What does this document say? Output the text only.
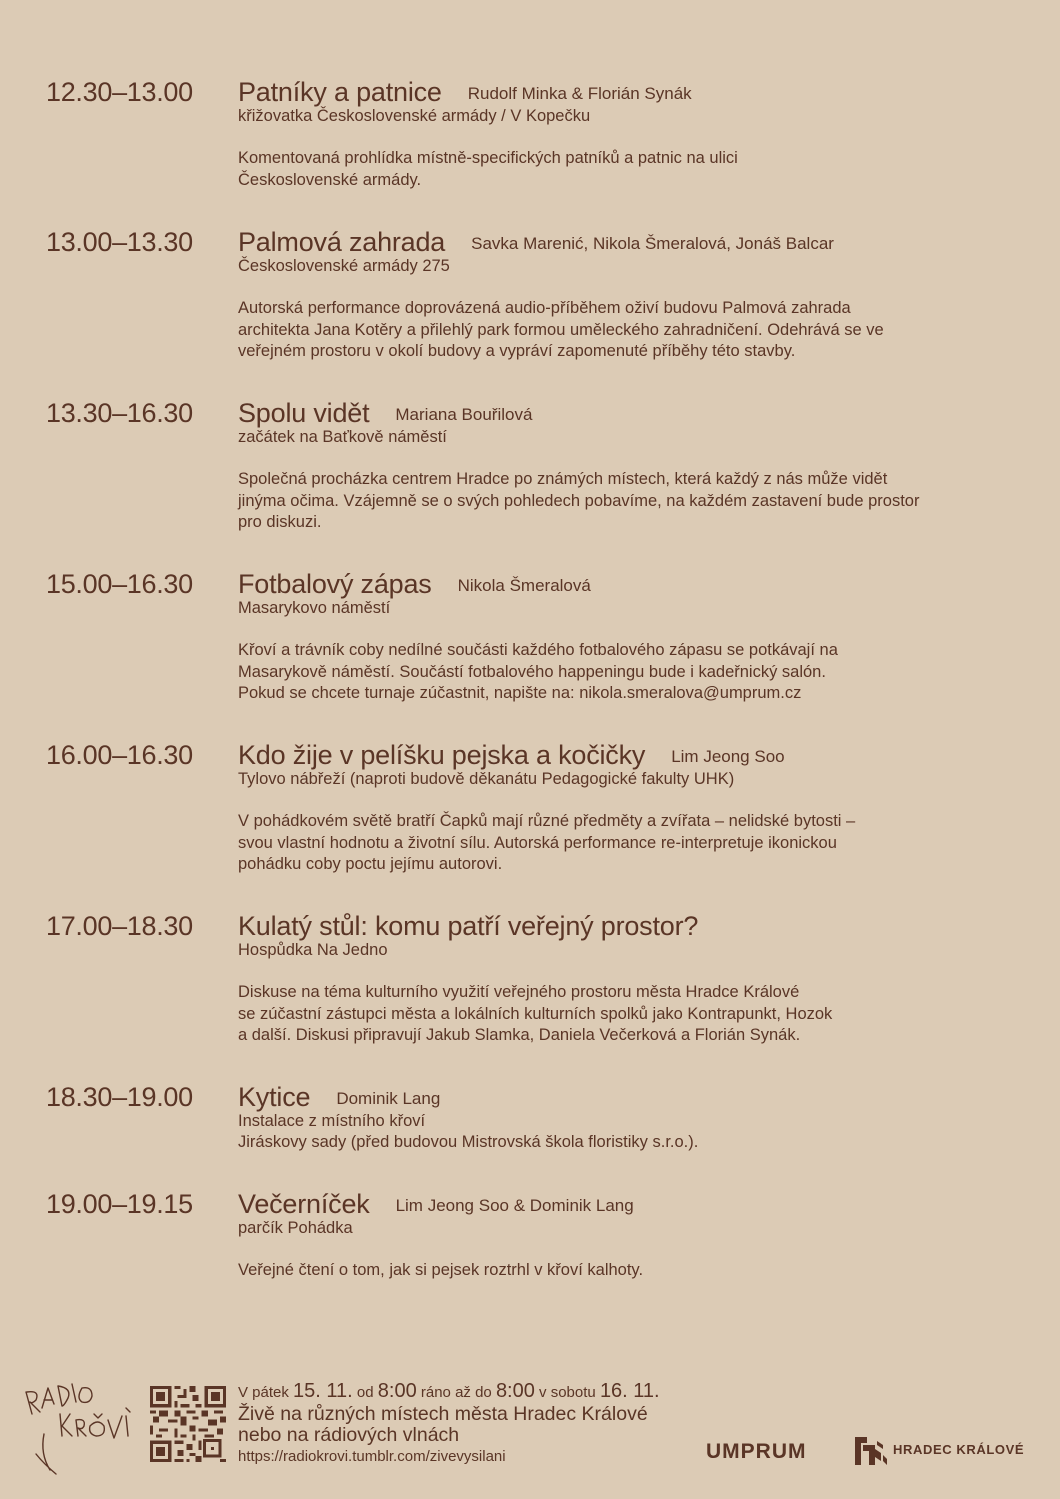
12.30–13.00 Patníky a patnice Rudolf Minka & Florián Synák
křižovatka Československé armády / V Kopečku
Komentovaná prohlídka místně-specifických patníků a patnic na ulici
Československé armády.
13.00–13.30 Palmová zahrada Savka Marenić, Nikola Šmeralová, Jonáš Balcar
Československé armády 275
Autorská performance doprovázená audio-příběhem oživí budovu Palmová zahrada
architekta Jana Kotěry a přilehlý park formou uměleckého zahradničení. Odehrává se ve
veřejném prostoru v okolí budovy a vypráví zapomenuté příběhy této stavby.
13.30–16.30 Spolu vidět Mariana Bouřilová
začátek na Baťkově náměstí
Společná procházka centrem Hradce po známých místech, která každý z nás může vidět
jinýma očima. Vzájemně se o svých pohledech pobavíme, na každém zastavení bude prostor
pro diskuzi.
15.00–16.30 Fotbalový zápas Nikola Šmeralová
Masarykovo náměstí
Křoví a trávník coby nedílné součásti každého fotbalového zápasu se potkávají na
Masarykově náměstí. Součástí fotbalového happeningu bude i kadeřnický salón.
Pokud se chcete turnaje zúčastnit, napište na: nikola.smeralova@umprum.cz
16.00–16.30 Kdo žije v pelíšku pejska a kočičky Lim Jeong Soo
Tylovo nábřeží (naproti budově děkanátu Pedagogické fakulty UHK)
V pohádkovém světě bratří Čapků mají různé předměty a zvířata – nelidské bytosti –
svou vlastní hodnotu a životní sílu. Autorská performance re-interpretuje ikonickou
pohádku coby poctu jejímu autorovi.
17.00–18.30 Kulatý stůl: komu patří veřejný prostor?
Hospůdka Na Jedno
Diskuse na téma kulturního využití veřejného prostoru města Hradce Králové
se zúčastní zástupci města a lokálních kulturních spolků jako Kontrapunkt, Hozok
a další. Diskusi připravují Jakub Slamka, Daniela Večerková a Florián Synák.
18.30–19.00 Kytice Dominik Lang
Instalace z místního křoví
Jiráskovy sady (před budovou Mistrovská škola floristiky s.r.o.).
19.00–19.15 Večerníček Lim Jeong Soo & Dominik Lang
parčík Pohádka
Veřejné čtení o tom, jak si pejsek roztrhl v křoví kalhoty.
V pátek 15. 11. od 8:00 ráno až do 8:00 v sobotu 16. 11.
Živě na různých místech města Hradec Králové
nebo na rádiových vlnách
https://radiokrovi.tumblr.com/zivevysilani	UMPRUM	HRADEC KRÁLOVÉ
